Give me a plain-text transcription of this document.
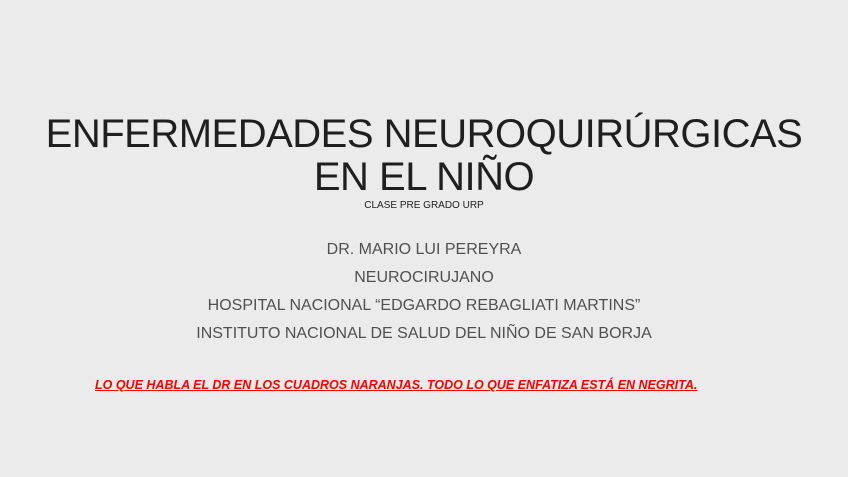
ENFERMEDADES NEUROQUIRÚRGICAS
EN EL NIÑO

CLASE PRE GRADO URP

DR. MARIO LUI PEREYRA

NEUROCIRUJANO

HOSPITAL NACIONAL “EDGARDO REBAGLIATI MARTINS”

INSTITUTO NACIONAL DE SALUD DEL NIÑO DE SAN BORJA

LO QUE HABLA EL DR EN LOS CUADROS NARANJAS. TODO LO QUE ENFATIZA ESTÁ EN NEGRITA.
